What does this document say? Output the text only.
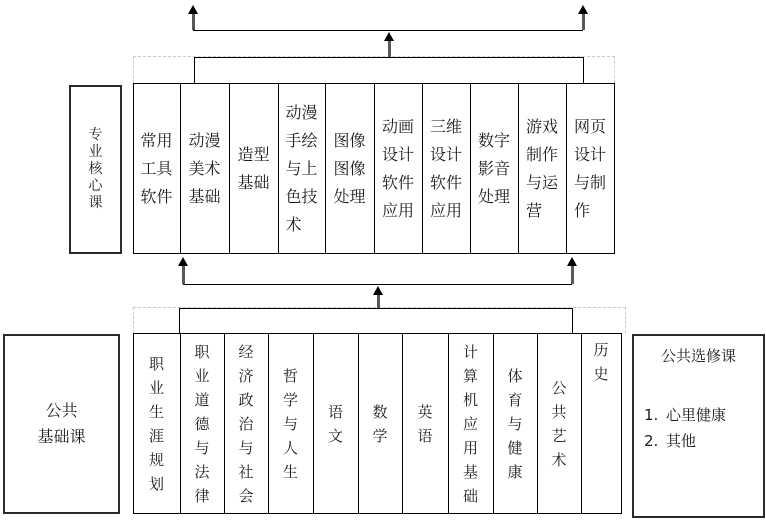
专业核心课
常用工具软件
动漫美术基础
造型基础
动漫手绘与上色技术
图像图像处理
动画设计软件应用
三维设计软件应用
数字影音处理
游戏制作与运营
网页设计与制作
公共
基础课
职业生涯规划
职业道德与法律
经济政治与社会
哲学与人生
语文
数学
英语
计算机应用基础
体育与健康
公共艺术
历史
公共选修课
1. 心里健康
2. 其他
